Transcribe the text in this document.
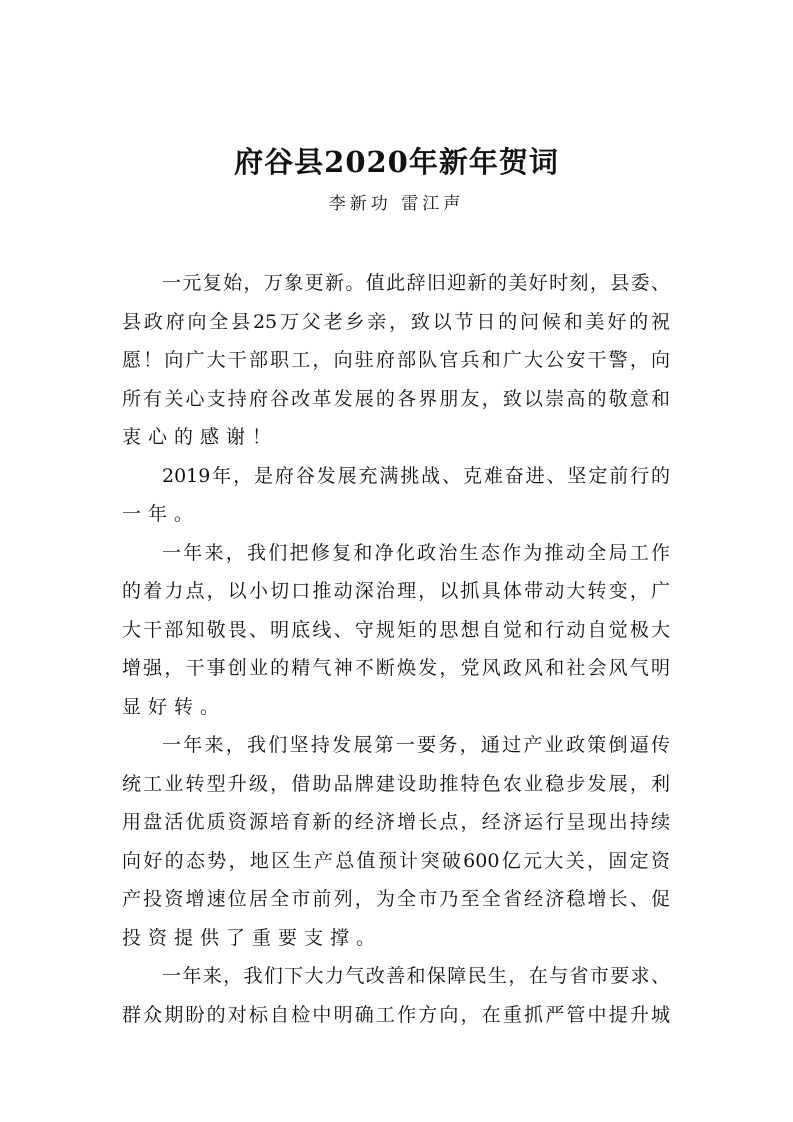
府谷县2020年新年贺词
李新功 雷江声
一元复始，万象更新。值此辞旧迎新的美好时刻，县委、
县政府向全县25万父老乡亲，致以节日的问候和美好的祝
愿！向广大干部职工，向驻府部队官兵和广大公安干警，向
所有关心支持府谷改革发展的各界朋友，致以崇高的敬意和
衷心的感谢！
2019年，是府谷发展充满挑战、克难奋进、坚定前行的
一年。
一年来，我们把修复和净化政治生态作为推动全局工作
的着力点，以小切口推动深治理，以抓具体带动大转变，广
大干部知敬畏、明底线、守规矩的思想自觉和行动自觉极大
增强，干事创业的精气神不断焕发，党风政风和社会风气明
显好转。
一年来，我们坚持发展第一要务，通过产业政策倒逼传
统工业转型升级，借助品牌建设助推特色农业稳步发展，利
用盘活优质资源培育新的经济增长点，经济运行呈现出持续
向好的态势，地区生产总值预计突破600亿元大关，固定资
产投资增速位居全市前列，为全市乃至全省经济稳增长、促
投资提供了重要支撑。
一年来，我们下大力气改善和保障民生，在与省市要求、
群众期盼的对标自检中明确工作方向，在重抓严管中提升城
